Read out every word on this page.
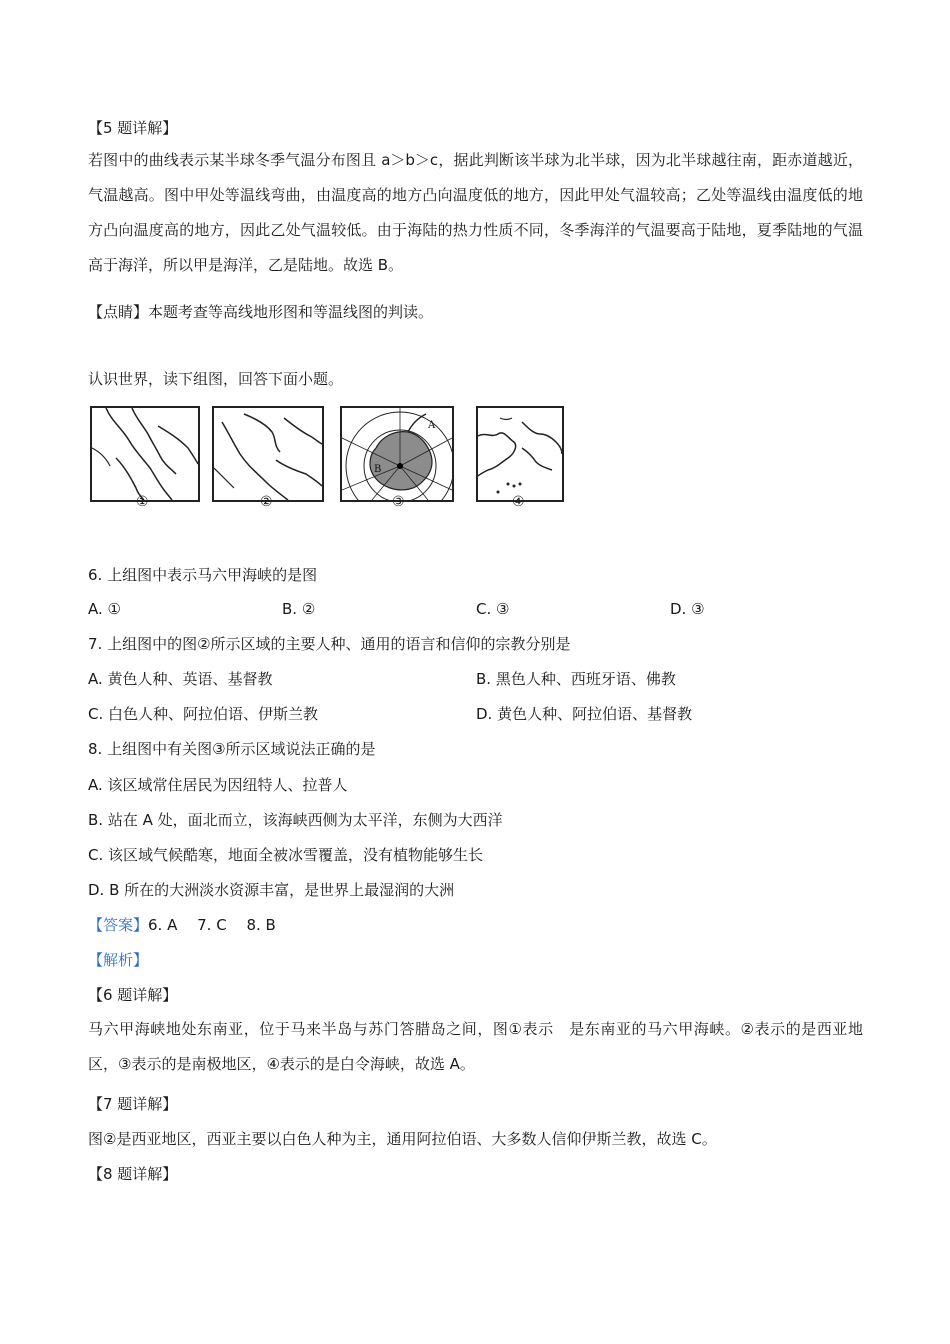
【5 题详解】
若图中的曲线表示某半球冬季气温分布图且 a＞b＞c，据此判断该半球为北半球，因为北半球越往南，距赤道越近，气温越高。图中甲处等温线弯曲，由温度高的地方凸向温度低的地方，因此甲处气温较高；乙处等温线由温度低的地方凸向温度高的地方，因此乙处气温较低。由于海陆的热力性质不同，冬季海洋的气温要高于陆地，夏季陆地的气温高于海洋，所以甲是海洋，乙是陆地。故选 B。
【点睛】本题考查等高线地形图和等温线图的判读。
认识世界，读下组图，回答下面小题。
A
B
①	②	③	④
6. 上组图中表示马六甲海峡的是图
A. ①	B. ②	C. ③	D. ③
7. 上组图中的图②所示区域的主要人种、通用的语言和信仰的宗教分别是
A. 黄色人种、英语、基督教	B. 黑色人种、西班牙语、佛教
C. 白色人种、阿拉伯语、伊斯兰教	D. 黄色人种、阿拉伯语、基督教
8. 上组图中有关图③所示区域说法正确的是
A. 该区域常住居民为因纽特人、拉普人
B. 站在 A 处，面北而立，该海峡西侧为太平洋，东侧为大西洋
C. 该区域气候酷寒，地面全被冰雪覆盖，没有植物能够生长
D. B 所在的大洲淡水资源丰富，是世界上最湿润的大洲
【答案】6. A　 7. C　 8. B
【解析】
【6 题详解】
马六甲海峡地处东南亚，位于马来半岛与苏门答腊岛之间，图①表示　是东南亚的马六甲海峡。②表示的是西亚地区，③表示的是南极地区，④表示的是白令海峡，故选 A。
【7 题详解】
图②是西亚地区，西亚主要以白色人种为主，通用阿拉伯语、大多数人信仰伊斯兰教，故选 C。
【8 题详解】
